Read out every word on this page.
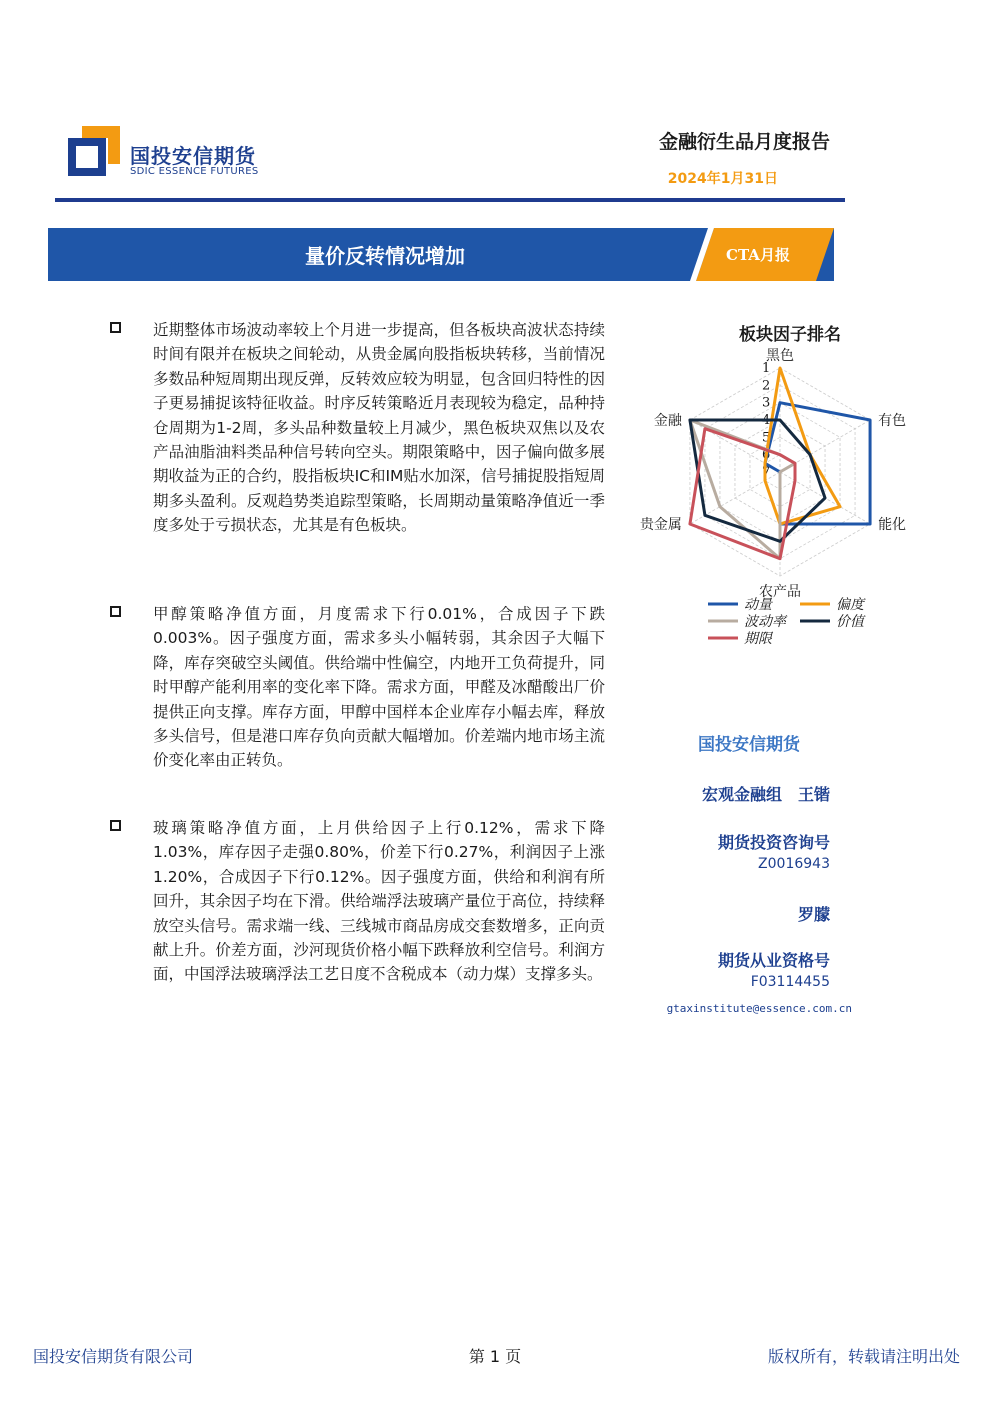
国投安信期货
SDIC ESSENCE FUTURES
金融衍生品月度报告
2024年1月31日
量价反转情况增加	CTA月报
近期整体市场波动率较上个月进一步提高，但各板块高波状态持续时间有限并在板块之间轮动，从贵金属向股指板块转移，当前情况多数品种短周期出现反弹，反转效应较为明显，包含回归特性的因子更易捕捉该特征收益。时序反转策略近月表现较为稳定，品种持仓周期为1-2周，多头品种数量较上月减少，黑色板块双焦以及农产品油脂油料类品种信号转向空头。期限策略中，因子偏向做多展期收益为正的合约，股指板块IC和IM贴水加深，信号捕捉股指短周期多头盈利。反观趋势类追踪型策略，长周期动量策略净值近一季度多处于亏损状态，尤其是有色板块。
甲醇策略净值方面，月度需求下行0.01%，合成因子下跌0.003%。因子强度方面，需求多头小幅转弱，其余因子大幅下降，库存突破空头阈值。供给端中性偏空，内地开工负荷提升，同时甲醇产能利用率的变化率下降。需求方面，甲醛及冰醋酸出厂价提供正向支撑。库存方面，甲醇中国样本企业库存小幅去库，释放多头信号，但是港口库存负向贡献大幅增加。价差端内地市场主流价变化率由正转负。
玻璃策略净值方面，上月供给因子上行0.12%，需求下降1.03%，库存因子走强0.80%，价差下行0.27%，利润因子上涨1.20%，合成因子下行0.12%。因子强度方面，供给和利润有所回升，其余因子均在下滑。供给端浮法玻璃产量位于高位，持续释放空头信号。需求端一线、三线城市商品房成交套数增多，正向贡献上升。价差方面，沙河现货价格小幅下跌释放利空信号。利润方面，中国浮法玻璃浮法工艺日度不含税成本（动力煤）支撑多头。
板块因子排名
1
2
3
4
5
6
7
黑色
有色
能化
农产品
贵金属
金融
动量	偏度
波动率	价值
期限
国投安信期货
宏观金融组　王锴
期货投资咨询号
Z0016943
罗朦
期货从业资格号
F03114455
gtaxinstitute@essence.com.cn
国投安信期货有限公司	第 1 页	版权所有，转载请注明出处
